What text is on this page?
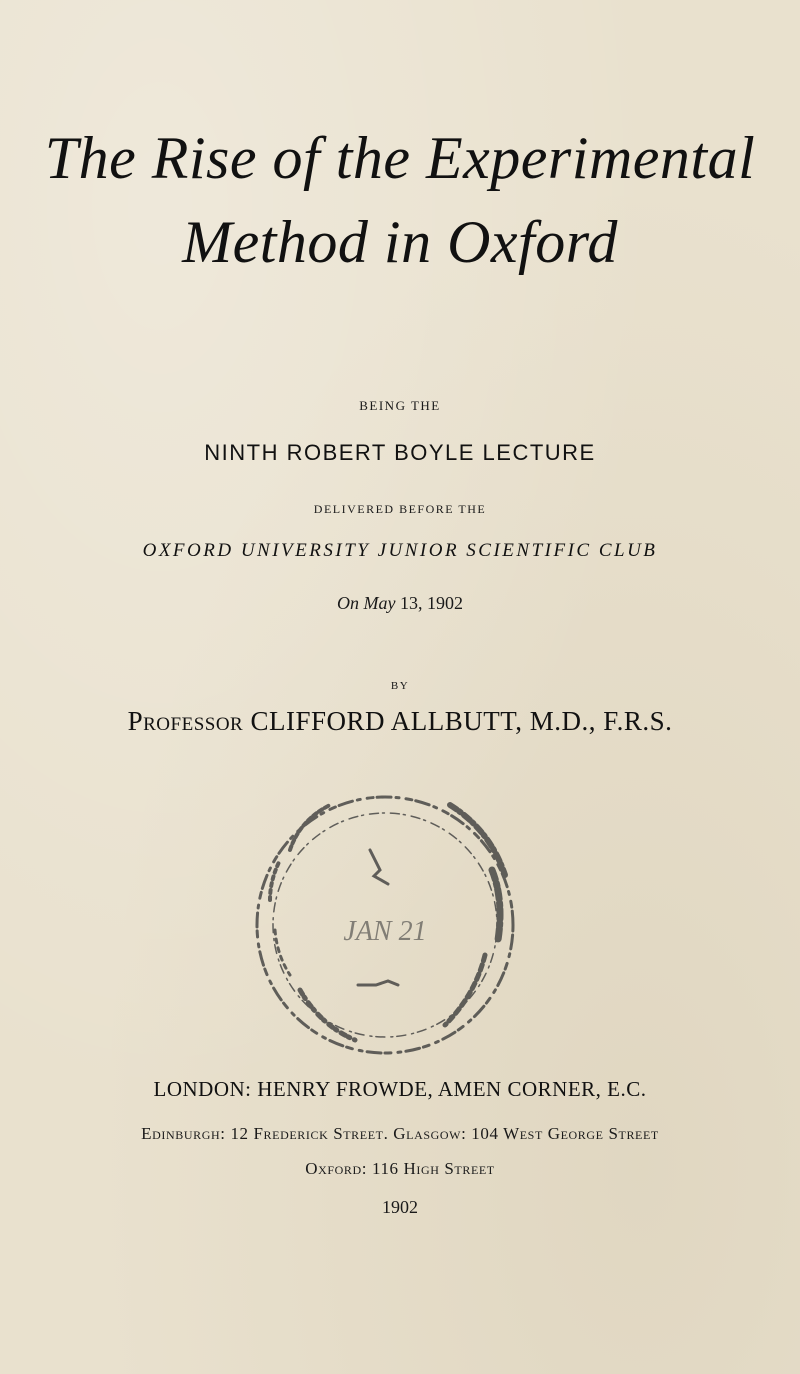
The Rise of the Experimental
Method in Oxford
BEING THE
NINTH ROBERT BOYLE LECTURE
DELIVERED BEFORE THE
OXFORD UNIVERSITY JUNIOR SCIENTIFIC CLUB
On May 13, 1902
BY
Professor CLIFFORD ALLBUTT, M.D., F.R.S.
JAN 21
LONDON: HENRY FROWDE, AMEN CORNER, E.C.
Edinburgh: 12 Frederick Street. Glasgow: 104 West George Street
Oxford: 116 High Street
1902
